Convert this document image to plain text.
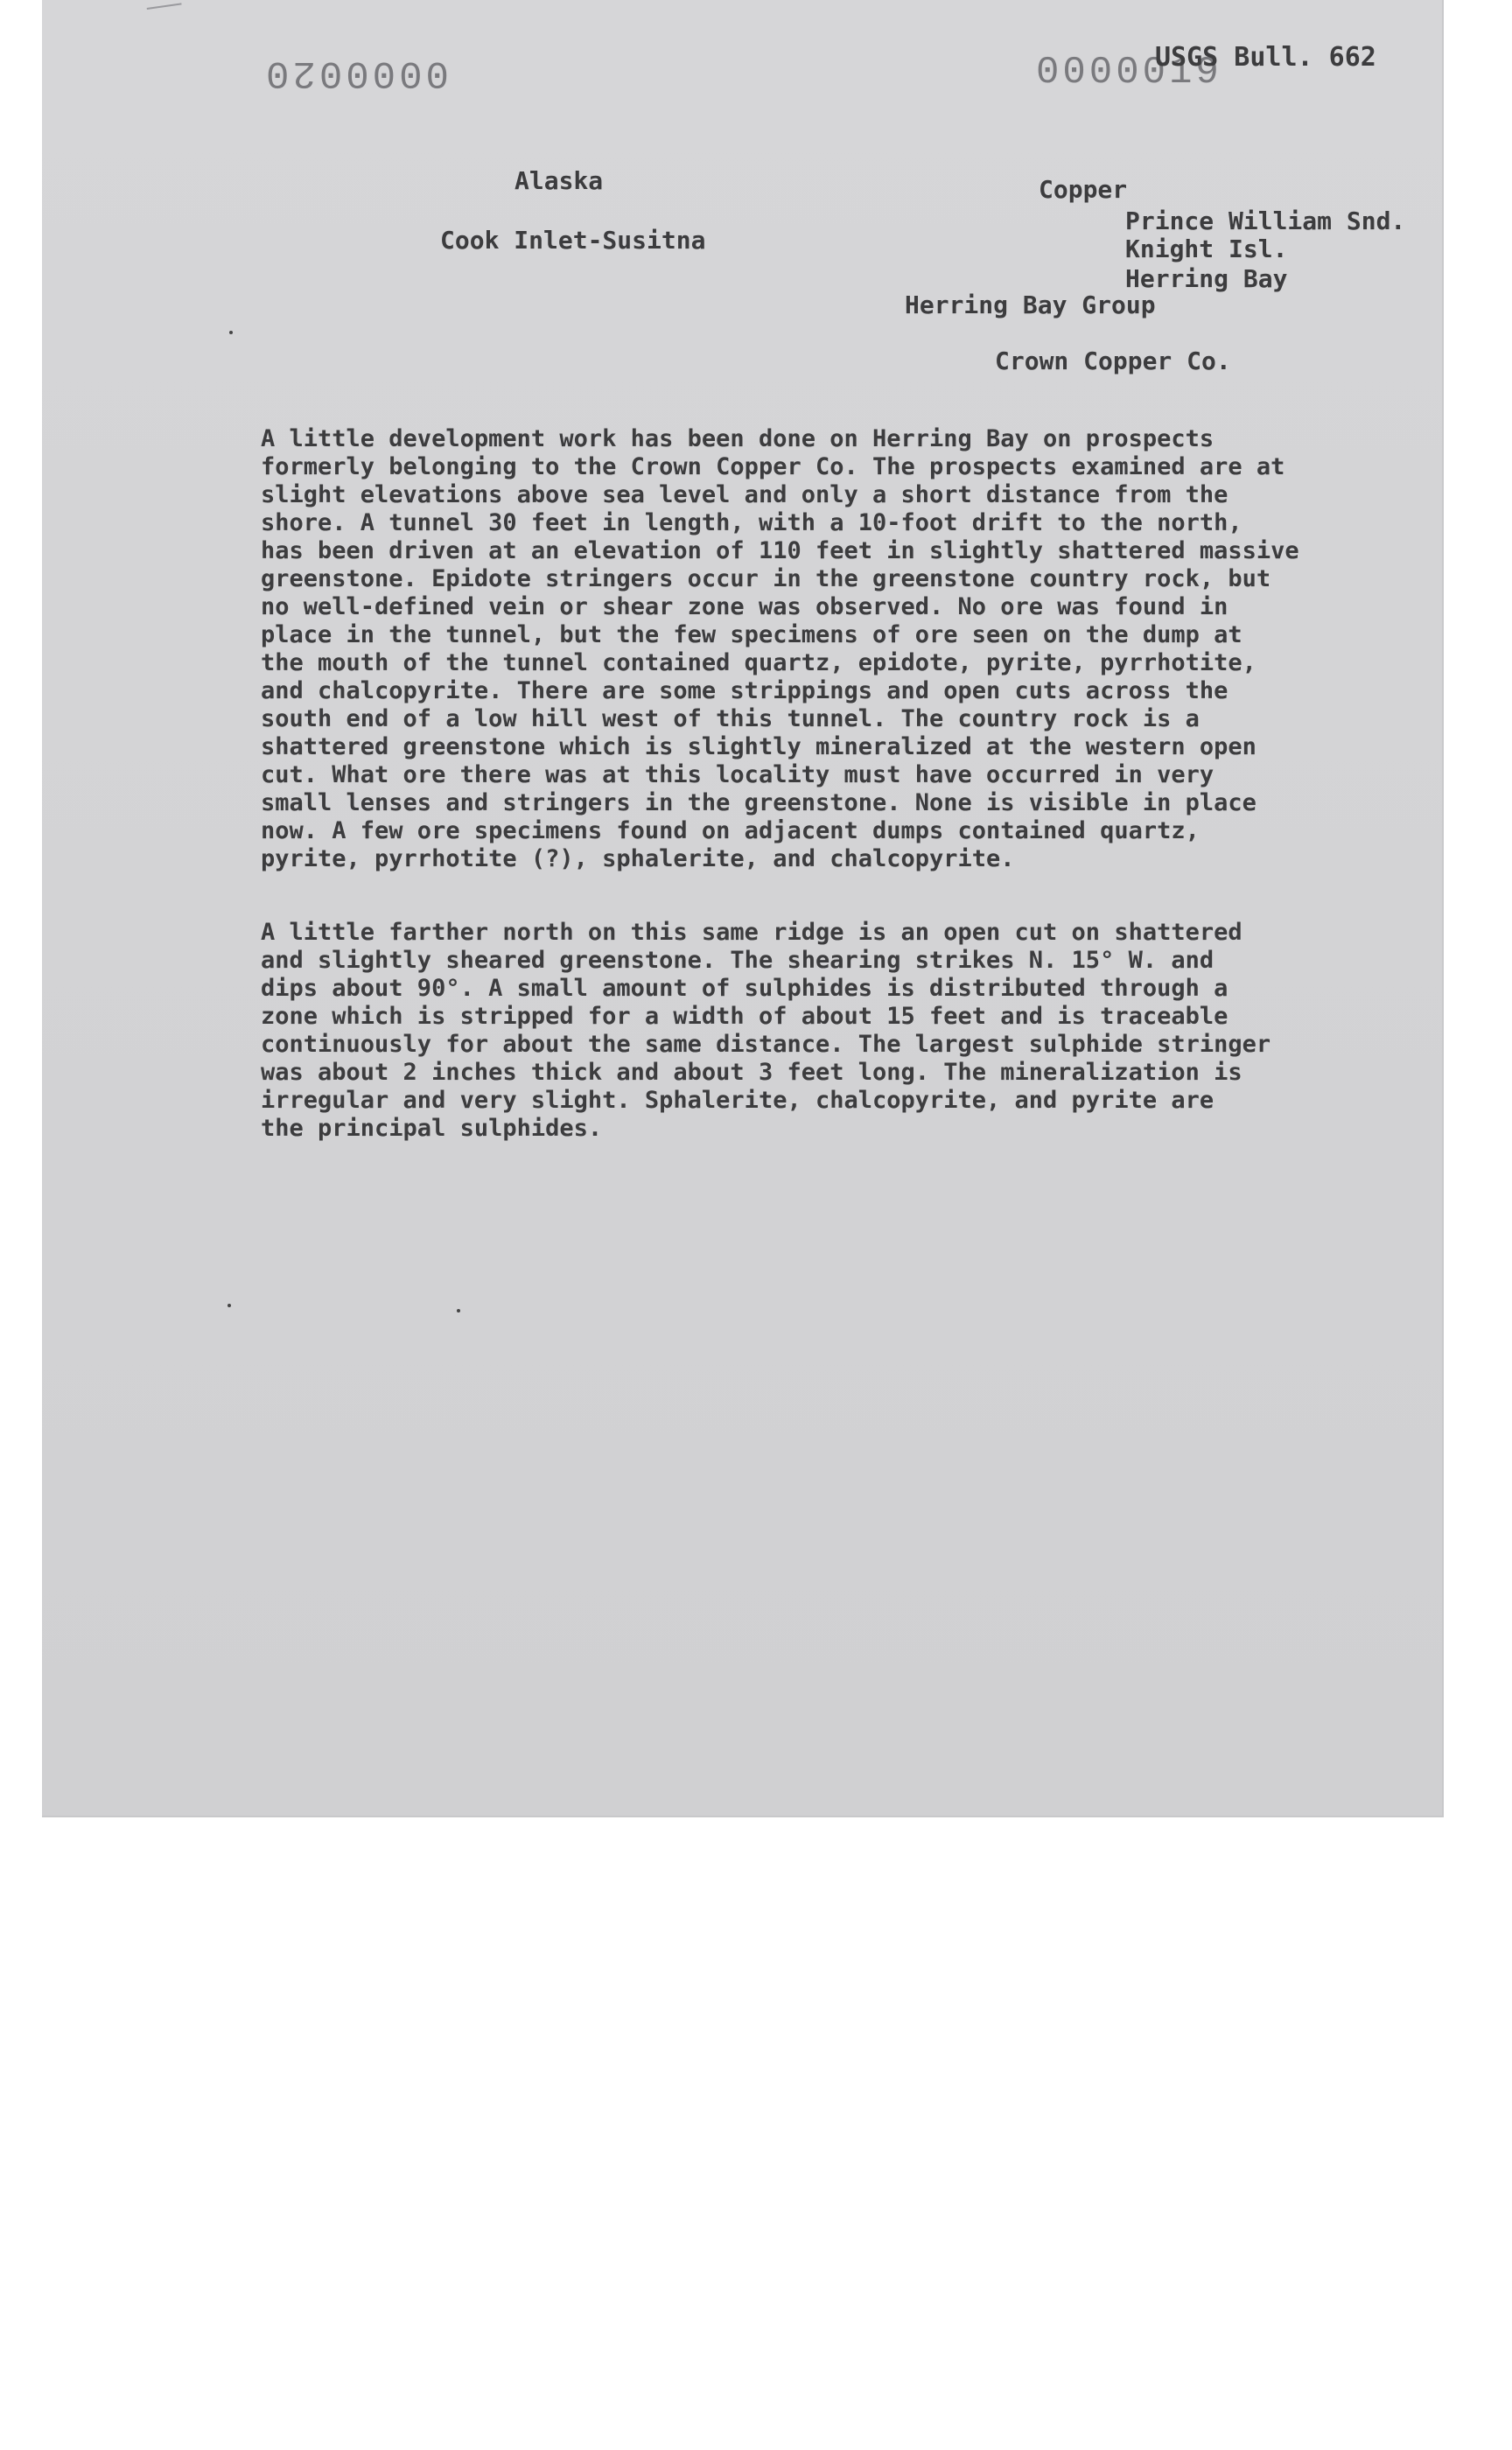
0000020	0000019
USGS Bull. 662
Alaska
Cook Inlet-Susitna
Copper
Prince William Snd.
Knight Isl.
Herring Bay
Herring Bay Group
Crown Copper Co.
A little development work has been done on Herring Bay on prospects
formerly belonging to the Crown Copper Co. The prospects examined are at
slight elevations above sea level and only a short distance from the
shore. A tunnel 30 feet in length, with a 10-foot drift to the north,
has been driven at an elevation of 110 feet in slightly shattered massive
greenstone. Epidote stringers occur in the greenstone country rock, but
no well-defined vein or shear zone was observed. No ore was found in
place in the tunnel, but the few specimens of ore seen on the dump at
the mouth of the tunnel contained quartz, epidote, pyrite, pyrrhotite,
and chalcopyrite. There are some strippings and open cuts across the
south end of a low hill west of this tunnel. The country rock is a
shattered greenstone which is slightly mineralized at the western open
cut. What ore there was at this locality must have occurred in very
small lenses and stringers in the greenstone. None is visible in place
now. A few ore specimens found on adjacent dumps contained quartz,
pyrite, pyrrhotite (?), sphalerite, and chalcopyrite.
A little farther north on this same ridge is an open cut on shattered
and slightly sheared greenstone. The shearing strikes N. 15° W. and
dips about 90°. A small amount of sulphides is distributed through a
zone which is stripped for a width of about 15 feet and is traceable
continuously for about the same distance. The largest sulphide stringer
was about 2 inches thick and about 3 feet long. The mineralization is
irregular and very slight. Sphalerite, chalcopyrite, and pyrite are
the principal sulphides.
